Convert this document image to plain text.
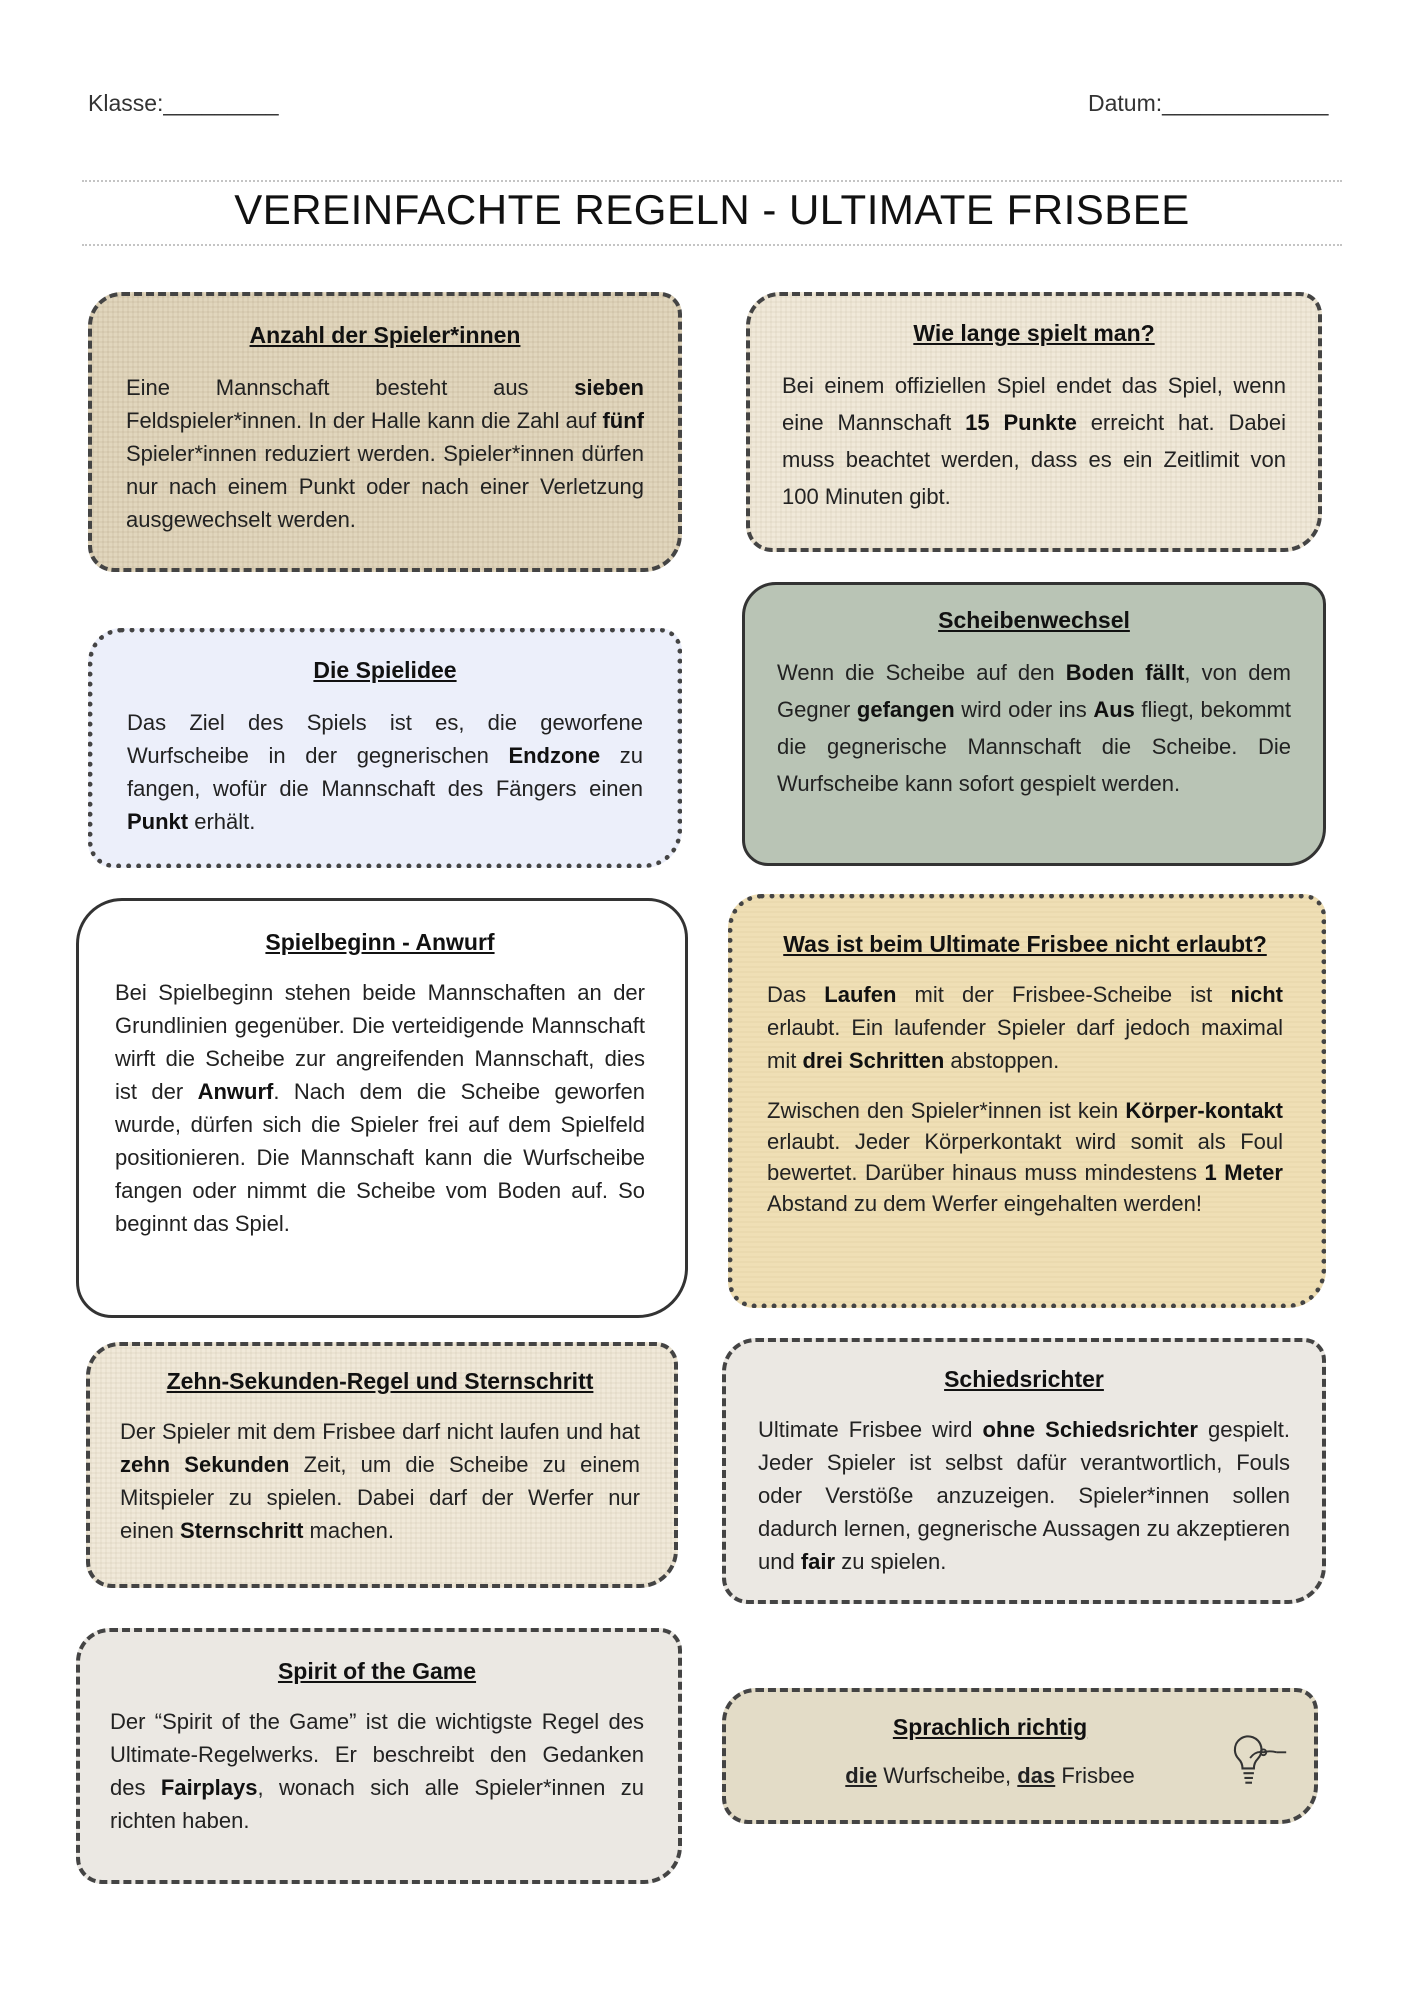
Klasse:_________	Datum:_____________
VEREINFACHTE REGELN - ULTIMATE FRISBEE
Anzahl der Spieler*innen

Eine Mannschaft besteht aus sieben Feldspieler*innen. In der Halle kann die Zahl auf fünf Spieler*innen reduziert werden. Spieler*innen dürfen nur nach einem Punkt oder nach einer Verletzung ausgewechselt werden.

Wie lange spielt man?

Bei einem offiziellen Spiel endet das Spiel, wenn eine Mannschaft 15 Punkte erreicht hat. Dabei muss beachtet werden, dass es ein Zeitlimit von 100 Minuten gibt.

Die Spielidee

Das Ziel des Spiels ist es, die geworfene Wurfscheibe in der gegnerischen Endzone zu fangen, wofür die Mannschaft des Fängers einen Punkt erhält.

Scheibenwechsel

Wenn die Scheibe auf den Boden fällt, von dem Gegner gefangen wird oder ins Aus fliegt, bekommt die gegnerische Mannschaft die Scheibe. Die Wurfscheibe kann sofort gespielt werden.

Spielbeginn - Anwurf

Bei Spielbeginn stehen beide Mannschaften an der Grundlinien gegenüber. Die verteidigende Mannschaft wirft die Scheibe zur angreifenden Mannschaft, dies ist der Anwurf. Nach dem die Scheibe geworfen wurde, dürfen sich die Spieler frei auf dem Spielfeld positionieren. Die Mannschaft kann die Wurfscheibe fangen oder nimmt die Scheibe vom Boden auf. So beginnt das Spiel.

Was ist beim Ultimate Frisbee nicht erlaubt?

Das Laufen mit der Frisbee-Scheibe ist nicht erlaubt. Ein laufender Spieler darf jedoch maximal mit drei Schritten abstoppen.

Zwischen den Spieler*innen ist kein Körper-kontakt erlaubt. Jeder Körperkontakt wird somit als Foul bewertet. Darüber hinaus muss mindestens 1 Meter Abstand zu dem Werfer eingehalten werden!

Zehn-Sekunden-Regel und Sternschritt

Der Spieler mit dem Frisbee darf nicht laufen und hat zehn Sekunden Zeit, um die Scheibe zu einem Mitspieler zu spielen. Dabei darf der Werfer nur einen Sternschritt machen.

Schiedsrichter

Ultimate Frisbee wird ohne Schiedsrichter gespielt. Jeder Spieler ist selbst dafür verantwortlich, Fouls oder Verstöße anzuzeigen. Spieler*innen sollen dadurch lernen, gegnerische Aussagen zu akzeptieren und fair zu spielen.

Spirit of the Game

Der “Spirit of the Game” ist die wichtigste Regel des Ultimate-Regelwerks. Er beschreibt den Gedanken des Fairplays, wonach sich alle Spieler*innen zu richten haben.

Sprachlich richtig

die Wurfscheibe, das Frisbee
